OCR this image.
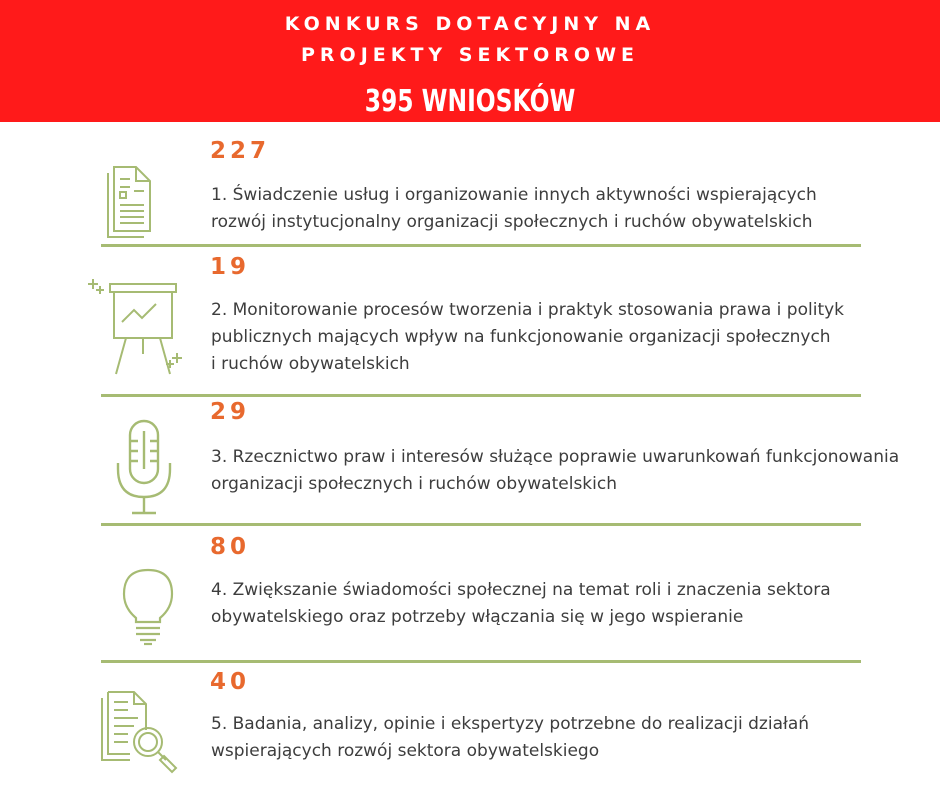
KONKURS DOTACYJNY NA
PROJEKTY SEKTOROWE
395 WNIOSKÓW
227
1. Świadczenie usług i organizowanie innych aktywności wspierających
rozwój instytucjonalny organizacji społecznych i ruchów obywatelskich
19
2. Monitorowanie procesów tworzenia i praktyk stosowania prawa i polityk
publicznych mających wpływ na funkcjonowanie organizacji społecznych
i ruchów obywatelskich
29
3. Rzecznictwo praw i interesów służące poprawie uwarunkowań funkcjonowania
organizacji społecznych i ruchów obywatelskich
80
4. Zwiększanie świadomości społecznej na temat roli i znaczenia sektora
obywatelskiego oraz potrzeby włączania się w jego wspieranie
40
5. Badania, analizy, opinie i ekspertyzy potrzebne do realizacji działań
wspierających rozwój sektora obywatelskiego
